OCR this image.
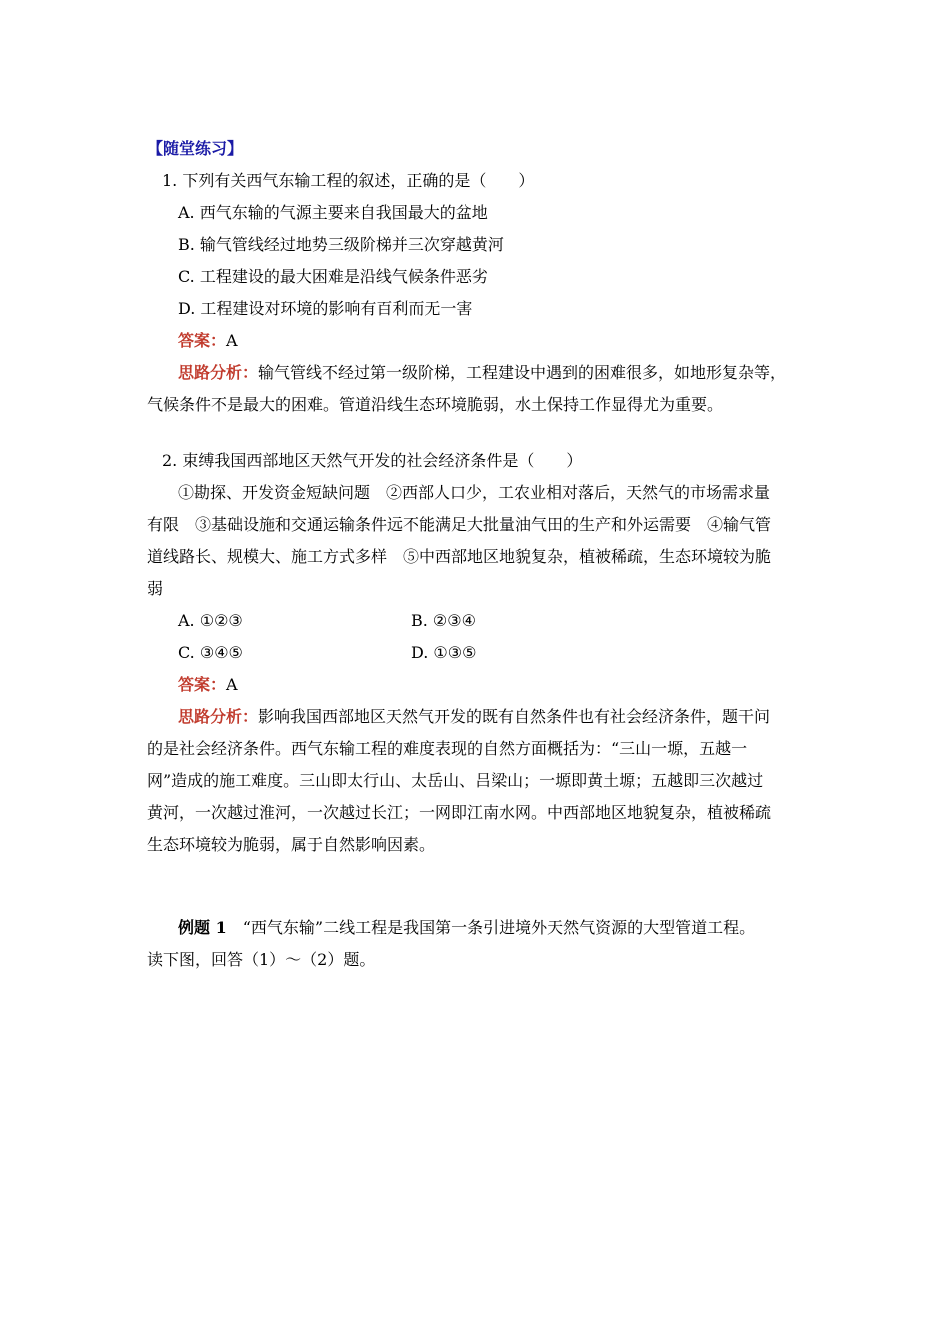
【随堂练习】
1. 下列有关西气东输工程的叙述，正确的是（　　）
A. 西气东输的气源主要来自我国最大的盆地
B. 输气管线经过地势三级阶梯并三次穿越黄河
C. 工程建设的最大困难是沿线气候条件恶劣
D. 工程建设对环境的影响有百利而无一害
答案：A
思路分析：输气管线不经过第一级阶梯，工程建设中遇到的困难很多，如地形复杂等，
气候条件不是最大的困难。管道沿线生态环境脆弱，水土保持工作显得尤为重要。
2. 束缚我国西部地区天然气开发的社会经济条件是（　　）
①勘探、开发资金短缺问题　②西部人口少，工农业相对落后，天然气的市场需求量
有限　③基础设施和交通运输条件远不能满足大批量油气田的生产和外运需要　④输气管
道线路长、规模大、施工方式多样　⑤中西部地区地貌复杂，植被稀疏，生态环境较为脆
弱
A. ①②③	B. ②③④
C. ③④⑤	D. ①③⑤
答案：A
思路分析：影响我国西部地区天然气开发的既有自然条件也有社会经济条件，题干问
的是社会经济条件。西气东输工程的难度表现的自然方面概括为：“三山一塬，五越一
网”造成的施工难度。三山即太行山、太岳山、吕梁山；一塬即黄土塬；五越即三次越过
黄河，一次越过淮河，一次越过长江；一网即江南水网。中西部地区地貌复杂，植被稀疏
生态环境较为脆弱，属于自然影响因素。
例题 1　 “西气东输”二线工程是我国第一条引进境外天然气资源的大型管道工程。
读下图，回答（1）～（2）题。
